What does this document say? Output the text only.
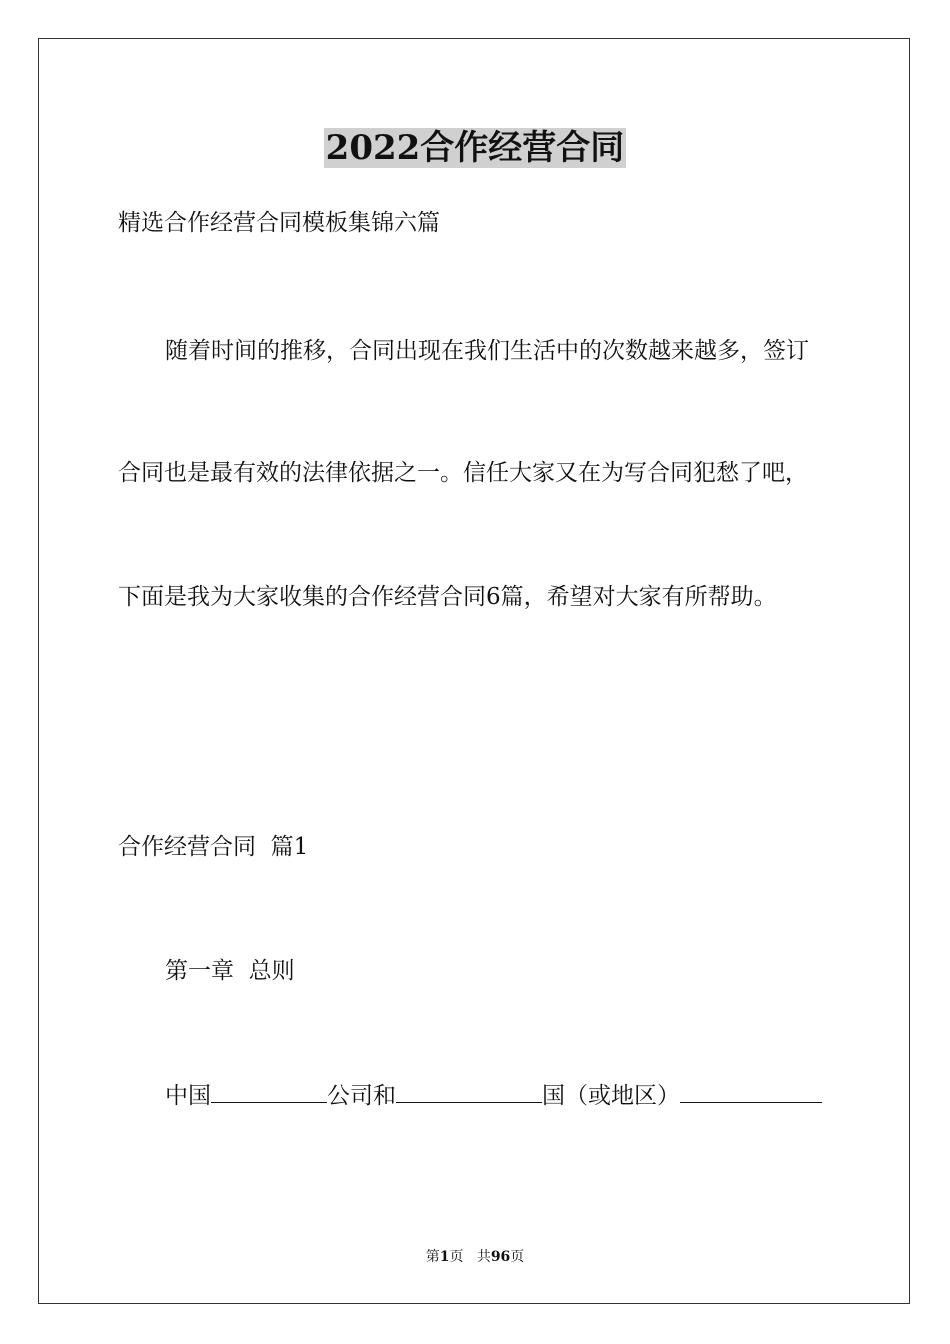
2022合作经营合同
精选合作经营合同模板集锦六篇
随着时间的推移，合同出现在我们生活中的次数越来越多，签订
合同也是最有效的法律依据之一。信任大家又在为写合同犯愁了吧，
下面是我为大家收集的合作经营合同6篇，希望对大家有所帮助。
合作经营合同  篇1
第一章  总则
中国	公司和	国（或地区）
第1页 共96页
